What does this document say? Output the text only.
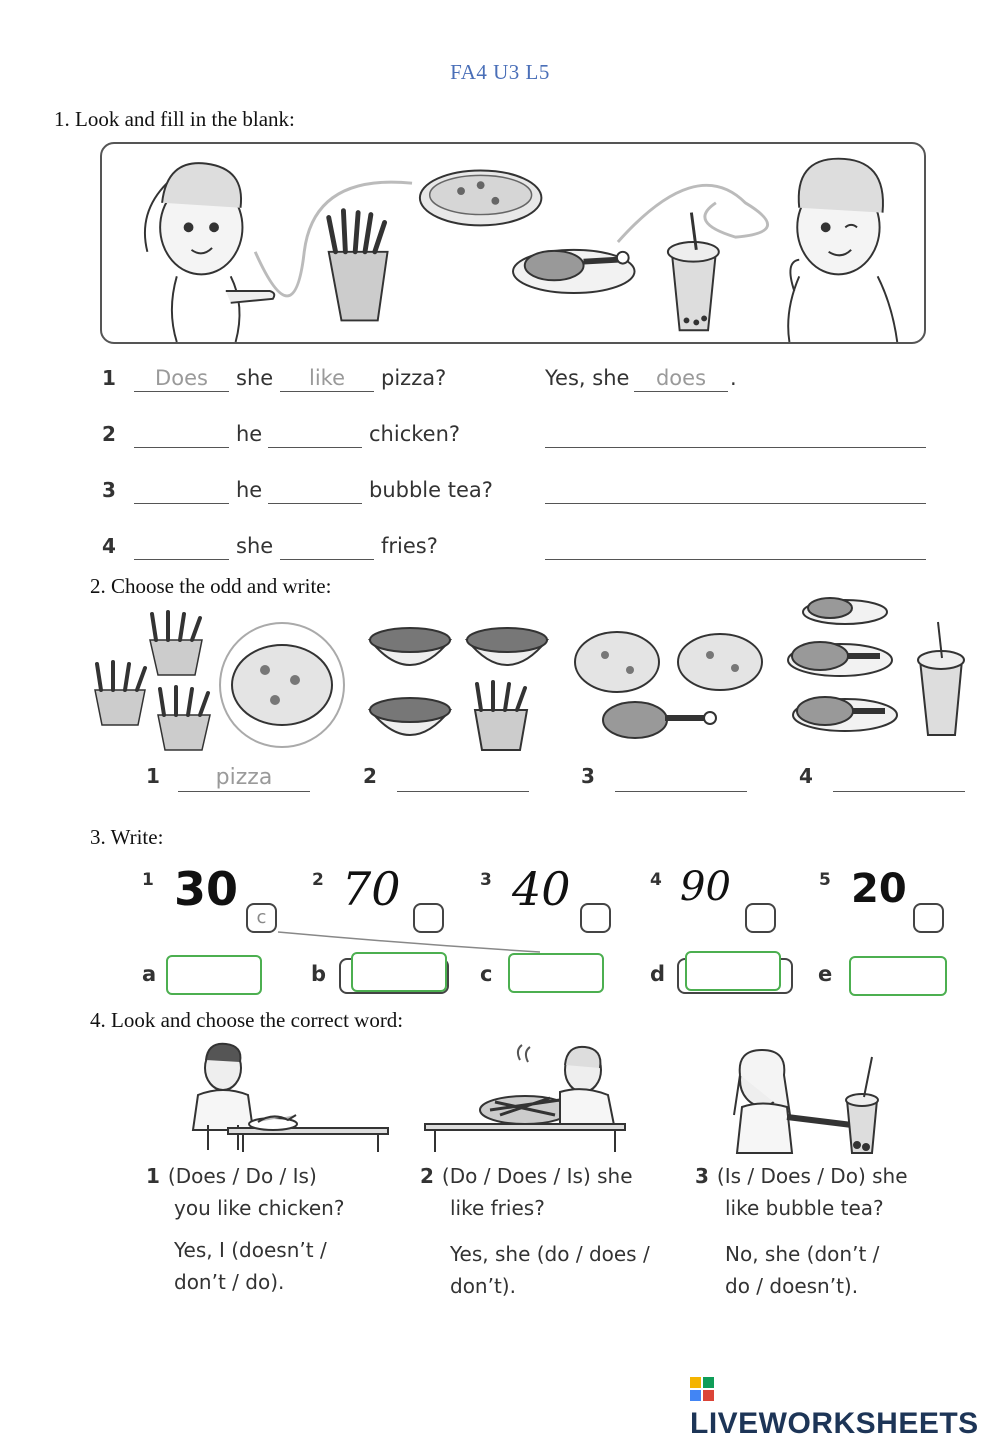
FA4 U3 L5
1. Look and fill in the blank:
1	Does	she	like	pizza?	Yes, she	does	.
2	he	chicken?
3	he	bubble tea?
4	she	fries?
2. Choose the odd and write:
1	pizza	2	3	4
3. Write:
1 30	2 70	3 40	4 90	5 20
c
a	b	c	d	e
4. Look and choose the correct word:
1 (Does / Do / Is)
you like chicken?
Yes, I (doesn’t /
don’t / do).
2 (Do / Does / Is) she
like fries?
Yes, she (do / does /
don’t).
3 (Is / Does / Do) she
like bubble tea?
No, she (don’t /
do / doesn’t).
LIVEWORKSHEETS
